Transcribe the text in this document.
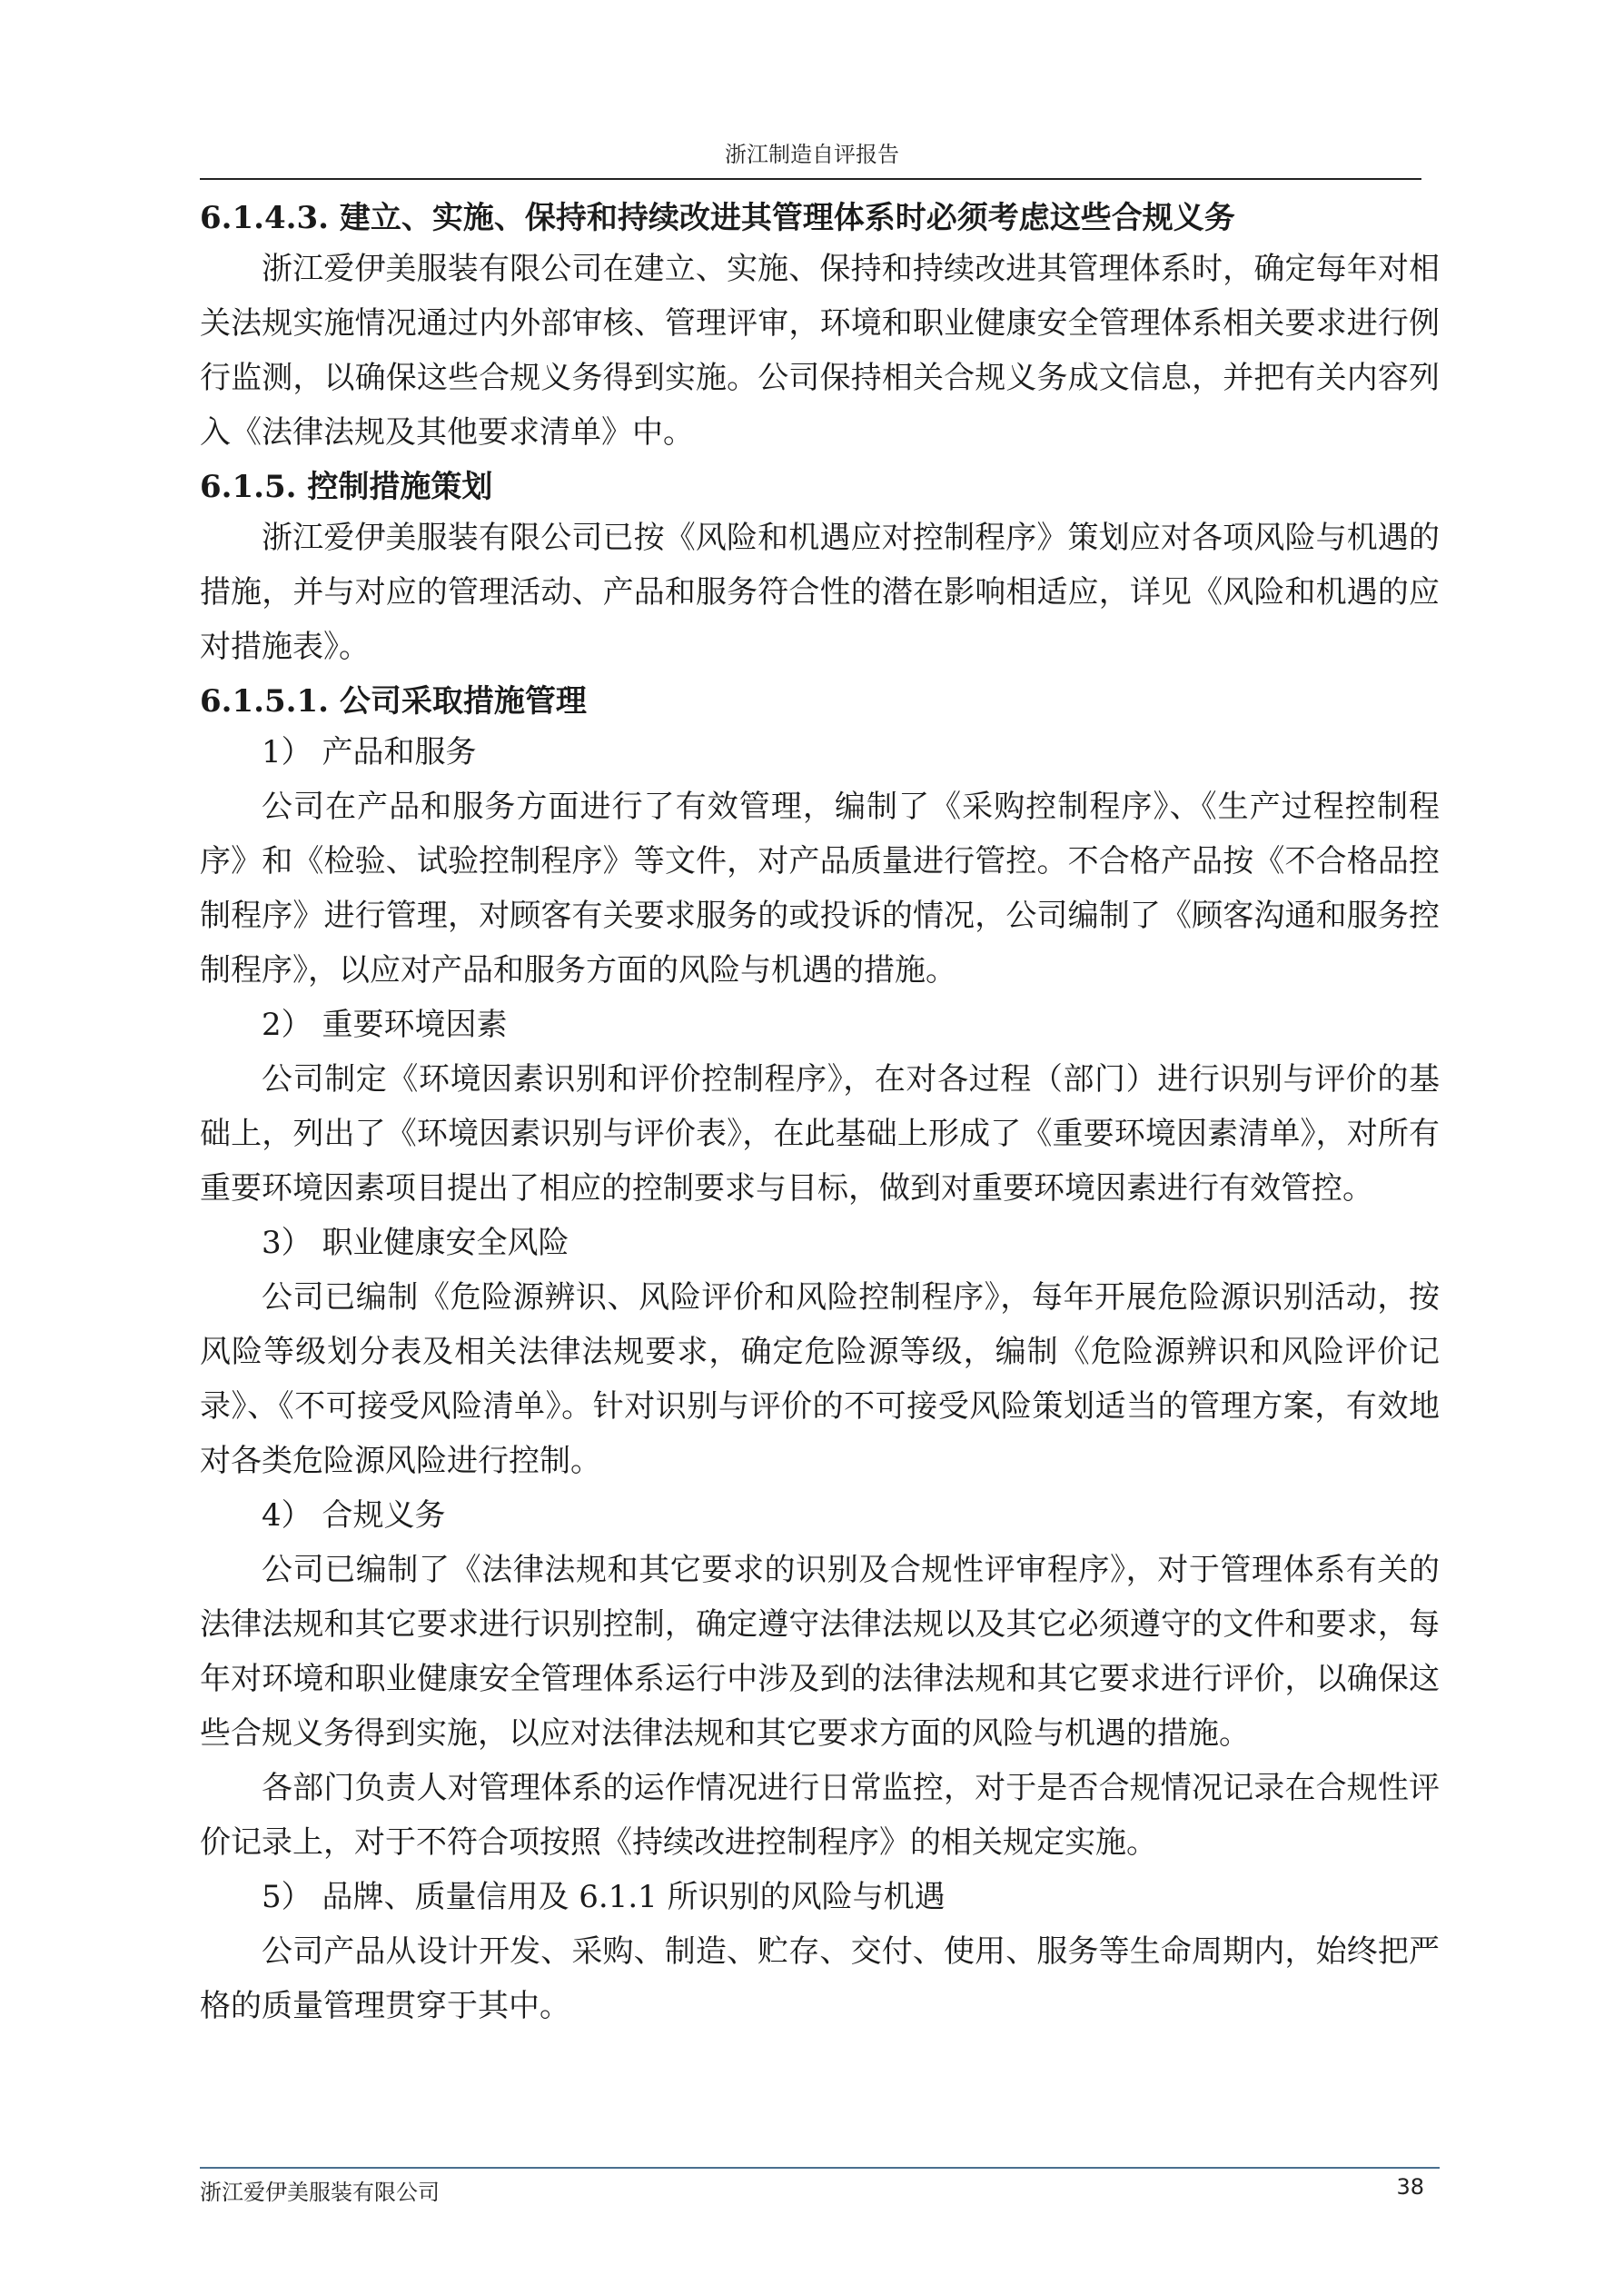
浙江制造自评报告

6.1.4.3. 建立、实施、保持和持续改进其管理体系时必须考虑这些合规义务

浙江爱伊美服装有限公司在建立、实施、保持和持续改进其管理体系时，确定每年对相关法规实施情况通过内外部审核、管理评审，环境和职业健康安全管理体系相关要求进行例行监测，以确保这些合规义务得到实施。公司保持相关合规义务成文信息，并把有关内容列入《法律法规及其他要求清单》中。

6.1.5. 控制措施策划

浙江爱伊美服装有限公司已按《风险和机遇应对控制程序》策划应对各项风险与机遇的措施，并与对应的管理活动、产品和服务符合性的潜在影响相适应，详见《风险和机遇的应对措施表》。

6.1.5.1. 公司采取措施管理

1） 产品和服务

公司在产品和服务方面进行了有效管理，编制了《采购控制程序》、《生产过程控制程序》和《检验、试验控制程序》等文件，对产品质量进行管控。不合格产品按《不合格品控制程序》进行管理，对顾客有关要求服务的或投诉的情况，公司编制了《顾客沟通和服务控制程序》，以应对产品和服务方面的风险与机遇的措施。

2） 重要环境因素

公司制定《环境因素识别和评价控制程序》，在对各过程（部门）进行识别与评价的基础上，列出了《环境因素识别与评价表》，在此基础上形成了《重要环境因素清单》，对所有重要环境因素项目提出了相应的控制要求与目标，做到对重要环境因素进行有效管控。

3） 职业健康安全风险

公司已编制《危险源辨识、风险评价和风险控制程序》，每年开展危险源识别活动，按风险等级划分表及相关法律法规要求，确定危险源等级，编制《危险源辨识和风险评价记录》、《不可接受风险清单》。针对识别与评价的不可接受风险策划适当的管理方案，有效地对各类危险源风险进行控制。

4） 合规义务

公司已编制了《法律法规和其它要求的识别及合规性评审程序》，对于管理体系有关的法律法规和其它要求进行识别控制，确定遵守法律法规以及其它必须遵守的文件和要求，每年对环境和职业健康安全管理体系运行中涉及到的法律法规和其它要求进行评价，以确保这些合规义务得到实施，以应对法律法规和其它要求方面的风险与机遇的措施。

各部门负责人对管理体系的运作情况进行日常监控，对于是否合规情况记录在合规性评价记录上，对于不符合项按照《持续改进控制程序》的相关规定实施。

5） 品牌、质量信用及 6.1.1 所识别的风险与机遇

公司产品从设计开发、采购、制造、贮存、交付、使用、服务等生命周期内，始终把严格的质量管理贯穿于其中。

浙江爱伊美服装有限公司	38
